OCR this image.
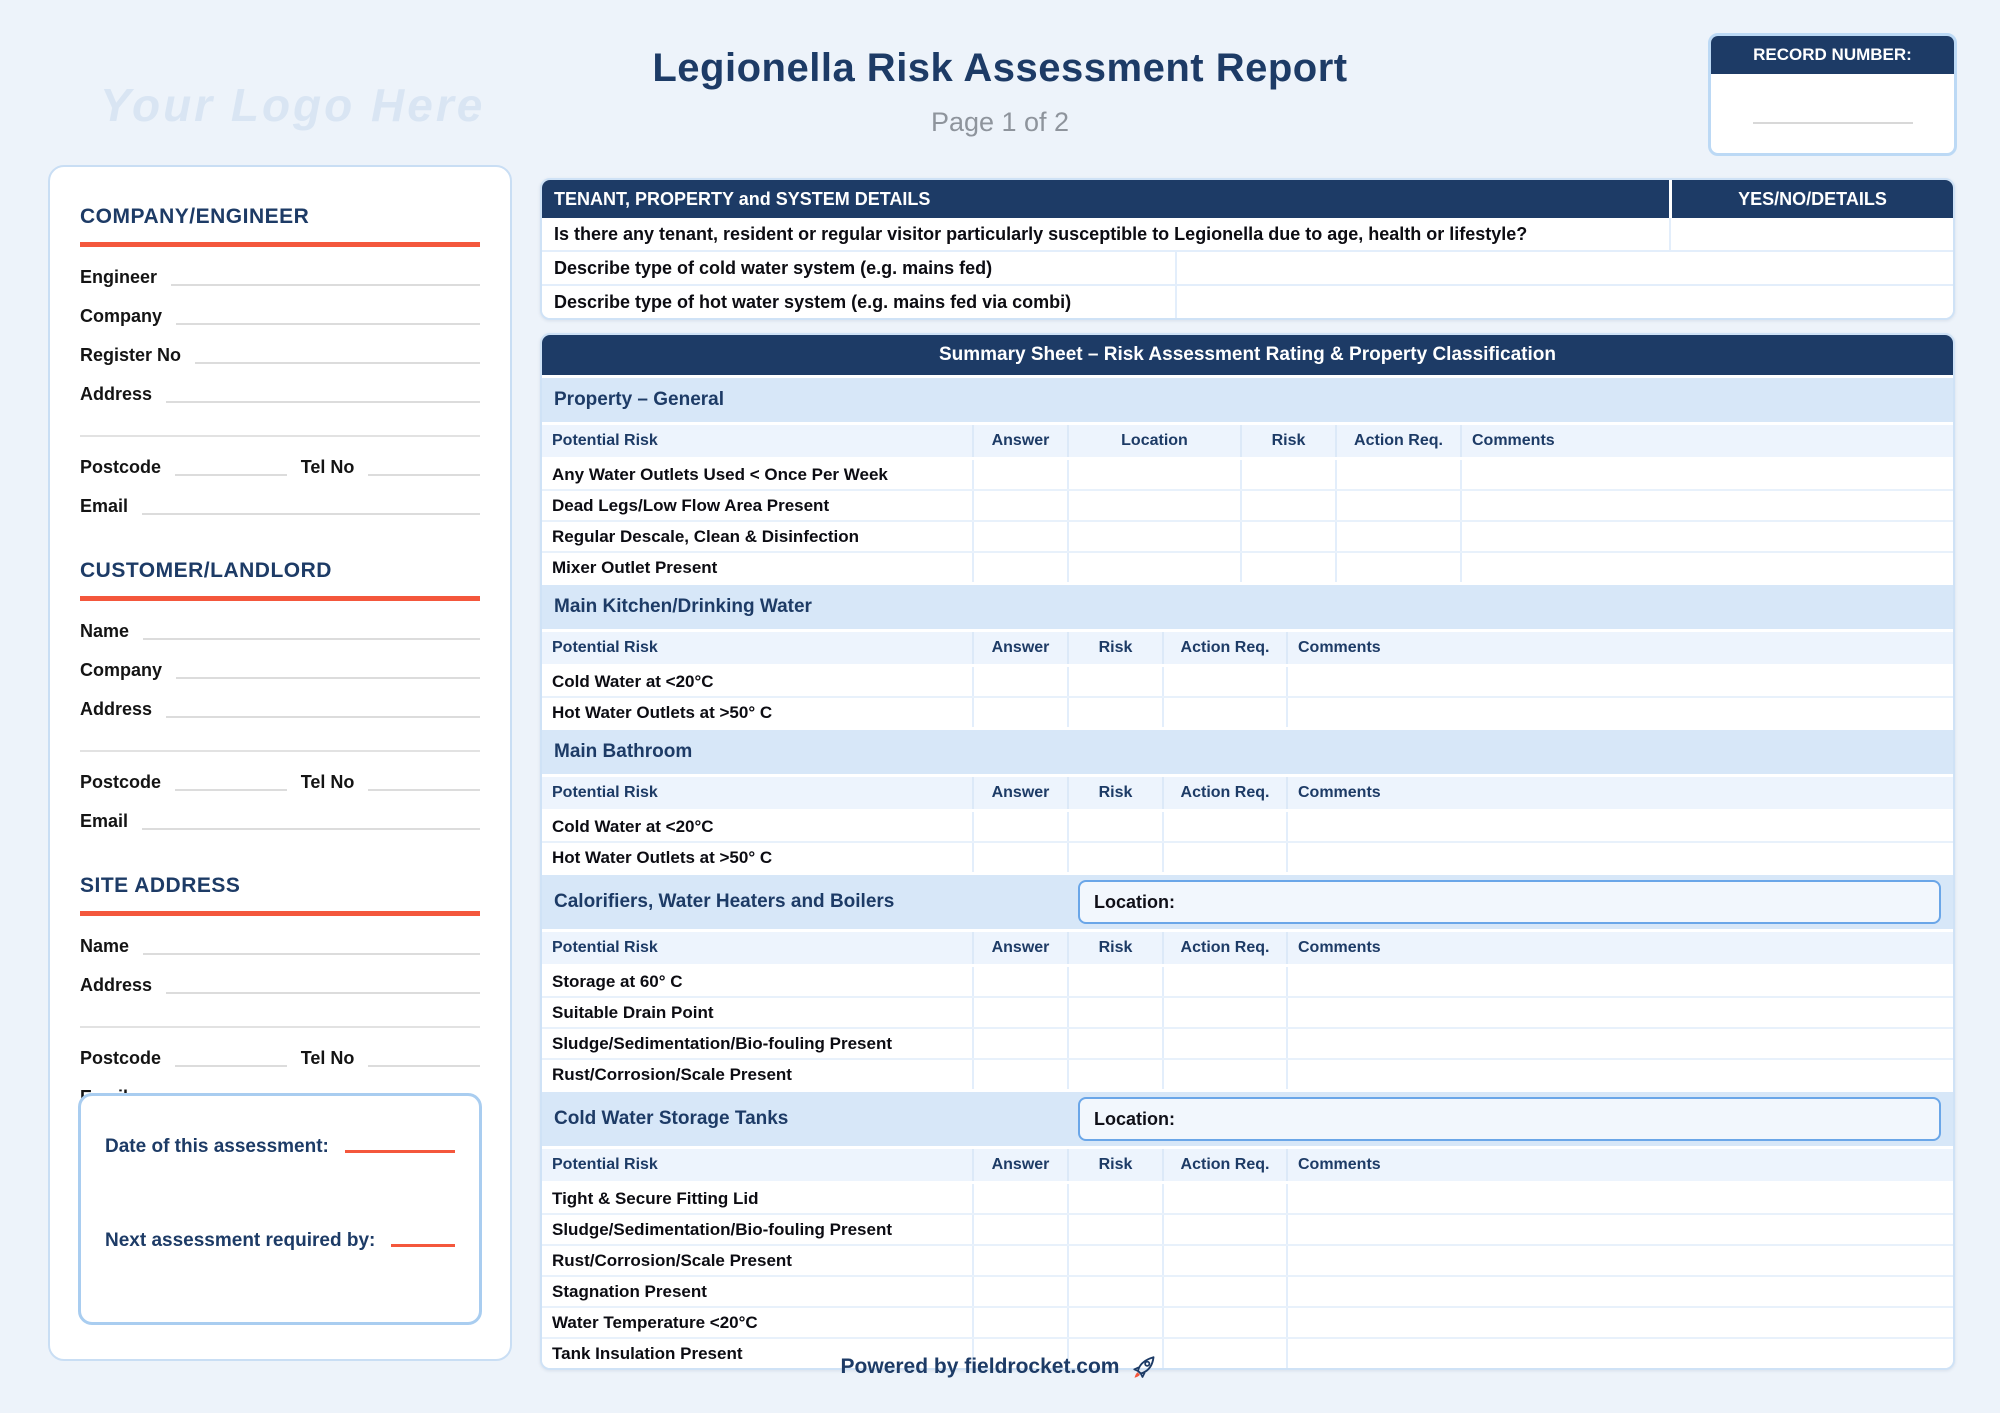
Your Logo Here
Legionella Risk Assessment Report
Page 1 of 2
RECORD NUMBER:
COMPANY/ENGINEER
Engineer
Company
Register No
Address
Postcode	Tel No
Email
CUSTOMER/LANDLORD
Name
Company
Address
Postcode	Tel No
Email
SITE ADDRESS
Name
Address
Postcode	Tel No
Date of this assessment:
Next assessment required by:
TENANT, PROPERTY and SYSTEM DETAILS	YES/NO/DETAILS
Is there any tenant, resident or regular visitor particularly susceptible to Legionella due to age, health or lifestyle?
Describe type of cold water system (e.g. mains fed)
Describe type of hot water system (e.g. mains fed via combi)
Summary Sheet – Risk Assessment Rating & Property Classification
Property – General
Potential Risk	Answer	Location	Risk	Action Req.	Comments
Any Water Outlets Used < Once Per Week
Dead Legs/Low Flow Area Present
Regular Descale, Clean & Disinfection
Mixer Outlet Present
Main Kitchen/Drinking Water
Potential Risk	Answer	Risk	Action Req.	Comments
Cold Water at <20°C
Hot Water Outlets at >50° C
Main Bathroom
Potential Risk	Answer	Risk	Action Req.	Comments
Cold Water at <20°C
Hot Water Outlets at >50° C
Calorifiers, Water Heaters and Boilers	Location:
Potential Risk	Answer	Risk	Action Req.	Comments
Storage at 60° C
Suitable Drain Point
Sludge/Sedimentation/Bio-fouling Present
Rust/Corrosion/Scale Present
Cold Water Storage Tanks	Location:
Potential Risk	Answer	Risk	Action Req.	Comments
Tight & Secure Fitting Lid
Sludge/Sedimentation/Bio-fouling Present
Rust/Corrosion/Scale Present
Stagnation Present
Water Temperature <20°C
Tank Insulation Present
Powered by fieldrocket.com
